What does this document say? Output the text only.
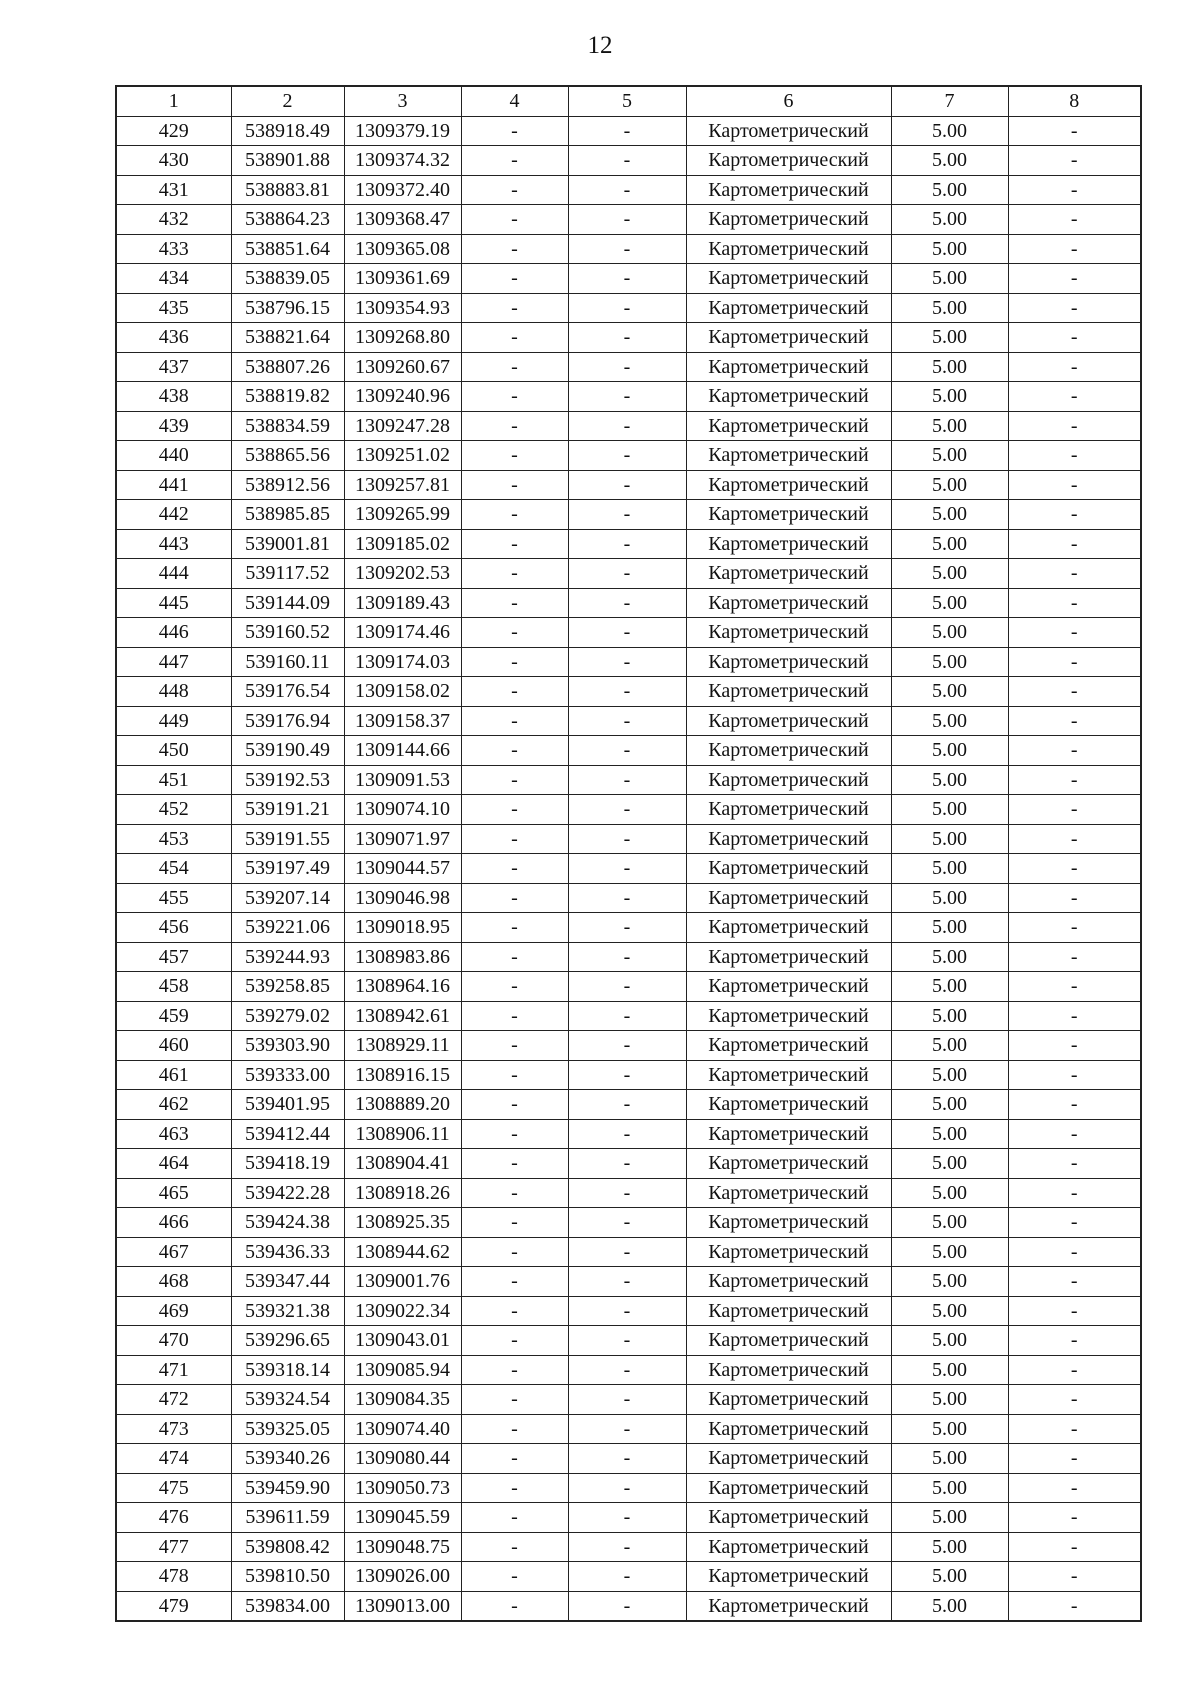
12
1	2	3	4	5	6	7	8
429	538918.49	1309379.19	-	-	Картометрический	5.00	-
430	538901.88	1309374.32	-	-	Картометрический	5.00	-
431	538883.81	1309372.40	-	-	Картометрический	5.00	-
432	538864.23	1309368.47	-	-	Картометрический	5.00	-
433	538851.64	1309365.08	-	-	Картометрический	5.00	-
434	538839.05	1309361.69	-	-	Картометрический	5.00	-
435	538796.15	1309354.93	-	-	Картометрический	5.00	-
436	538821.64	1309268.80	-	-	Картометрический	5.00	-
437	538807.26	1309260.67	-	-	Картометрический	5.00	-
438	538819.82	1309240.96	-	-	Картометрический	5.00	-
439	538834.59	1309247.28	-	-	Картометрический	5.00	-
440	538865.56	1309251.02	-	-	Картометрический	5.00	-
441	538912.56	1309257.81	-	-	Картометрический	5.00	-
442	538985.85	1309265.99	-	-	Картометрический	5.00	-
443	539001.81	1309185.02	-	-	Картометрический	5.00	-
444	539117.52	1309202.53	-	-	Картометрический	5.00	-
445	539144.09	1309189.43	-	-	Картометрический	5.00	-
446	539160.52	1309174.46	-	-	Картометрический	5.00	-
447	539160.11	1309174.03	-	-	Картометрический	5.00	-
448	539176.54	1309158.02	-	-	Картометрический	5.00	-
449	539176.94	1309158.37	-	-	Картометрический	5.00	-
450	539190.49	1309144.66	-	-	Картометрический	5.00	-
451	539192.53	1309091.53	-	-	Картометрический	5.00	-
452	539191.21	1309074.10	-	-	Картометрический	5.00	-
453	539191.55	1309071.97	-	-	Картометрический	5.00	-
454	539197.49	1309044.57	-	-	Картометрический	5.00	-
455	539207.14	1309046.98	-	-	Картометрический	5.00	-
456	539221.06	1309018.95	-	-	Картометрический	5.00	-
457	539244.93	1308983.86	-	-	Картометрический	5.00	-
458	539258.85	1308964.16	-	-	Картометрический	5.00	-
459	539279.02	1308942.61	-	-	Картометрический	5.00	-
460	539303.90	1308929.11	-	-	Картометрический	5.00	-
461	539333.00	1308916.15	-	-	Картометрический	5.00	-
462	539401.95	1308889.20	-	-	Картометрический	5.00	-
463	539412.44	1308906.11	-	-	Картометрический	5.00	-
464	539418.19	1308904.41	-	-	Картометрический	5.00	-
465	539422.28	1308918.26	-	-	Картометрический	5.00	-
466	539424.38	1308925.35	-	-	Картометрический	5.00	-
467	539436.33	1308944.62	-	-	Картометрический	5.00	-
468	539347.44	1309001.76	-	-	Картометрический	5.00	-
469	539321.38	1309022.34	-	-	Картометрический	5.00	-
470	539296.65	1309043.01	-	-	Картометрический	5.00	-
471	539318.14	1309085.94	-	-	Картометрический	5.00	-
472	539324.54	1309084.35	-	-	Картометрический	5.00	-
473	539325.05	1309074.40	-	-	Картометрический	5.00	-
474	539340.26	1309080.44	-	-	Картометрический	5.00	-
475	539459.90	1309050.73	-	-	Картометрический	5.00	-
476	539611.59	1309045.59	-	-	Картометрический	5.00	-
477	539808.42	1309048.75	-	-	Картометрический	5.00	-
478	539810.50	1309026.00	-	-	Картометрический	5.00	-
479	539834.00	1309013.00	-	-	Картометрический	5.00	-
